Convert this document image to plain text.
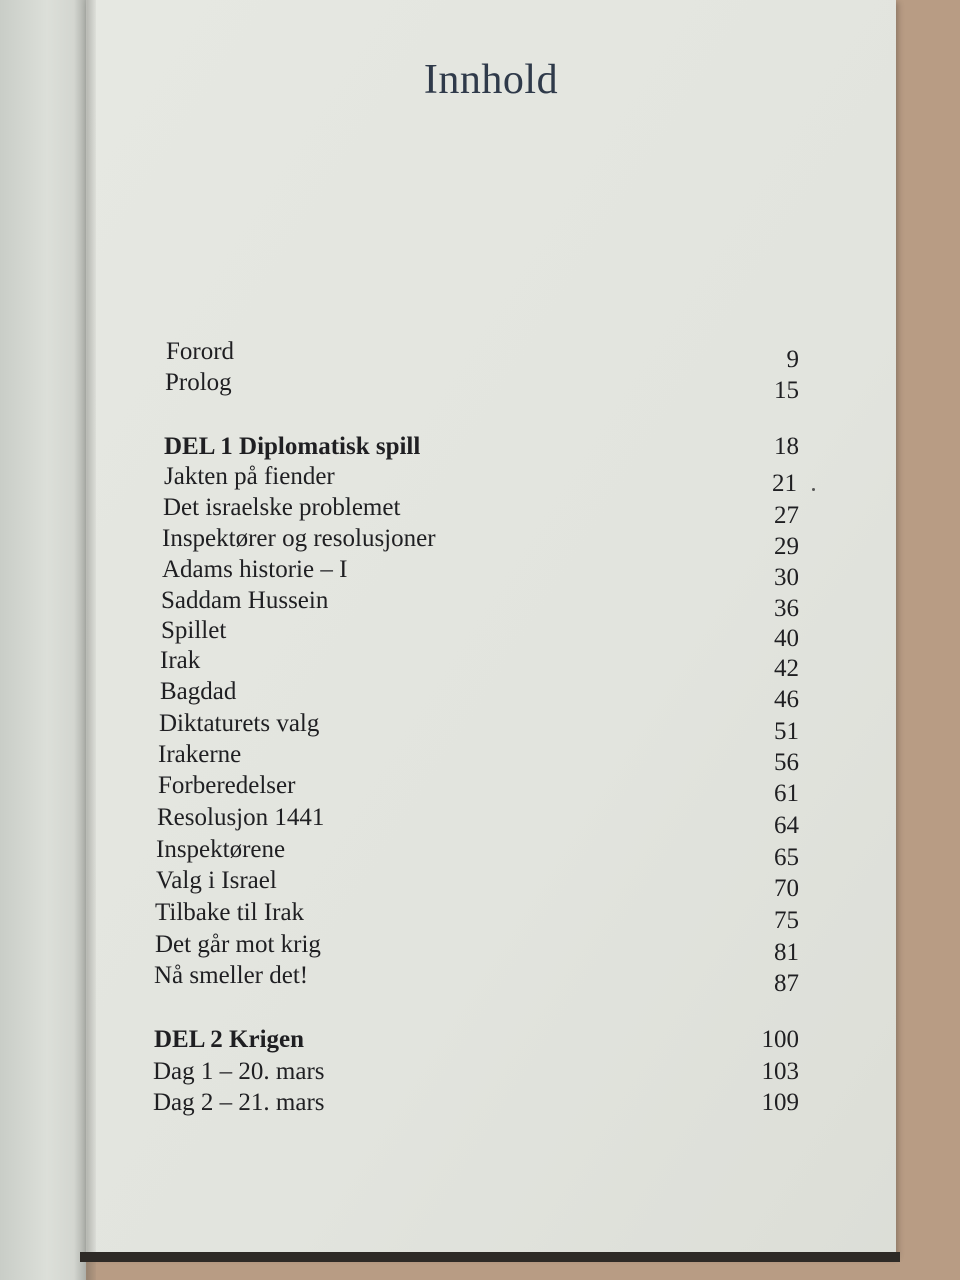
Innhold
Forord	9
Prolog	15
DEL 1 Diplomatisk spill	18
Jakten på fiender	21
Det israelske problemet	27
Inspektører og resolusjoner	29
Adams historie – I	30
Saddam Hussein	36
Spillet	40
Irak	42
Bagdad	46
Diktaturets valg	51
Irakerne	56
Forberedelser	61
Resolusjon 1441	64
Inspektørene	65
Valg i Israel	70
Tilbake til Irak	75
Det går mot krig	81
Nå smeller det!	87
DEL 2 Krigen	100
Dag 1 – 20. mars	103
Dag 2 – 21. mars	109
